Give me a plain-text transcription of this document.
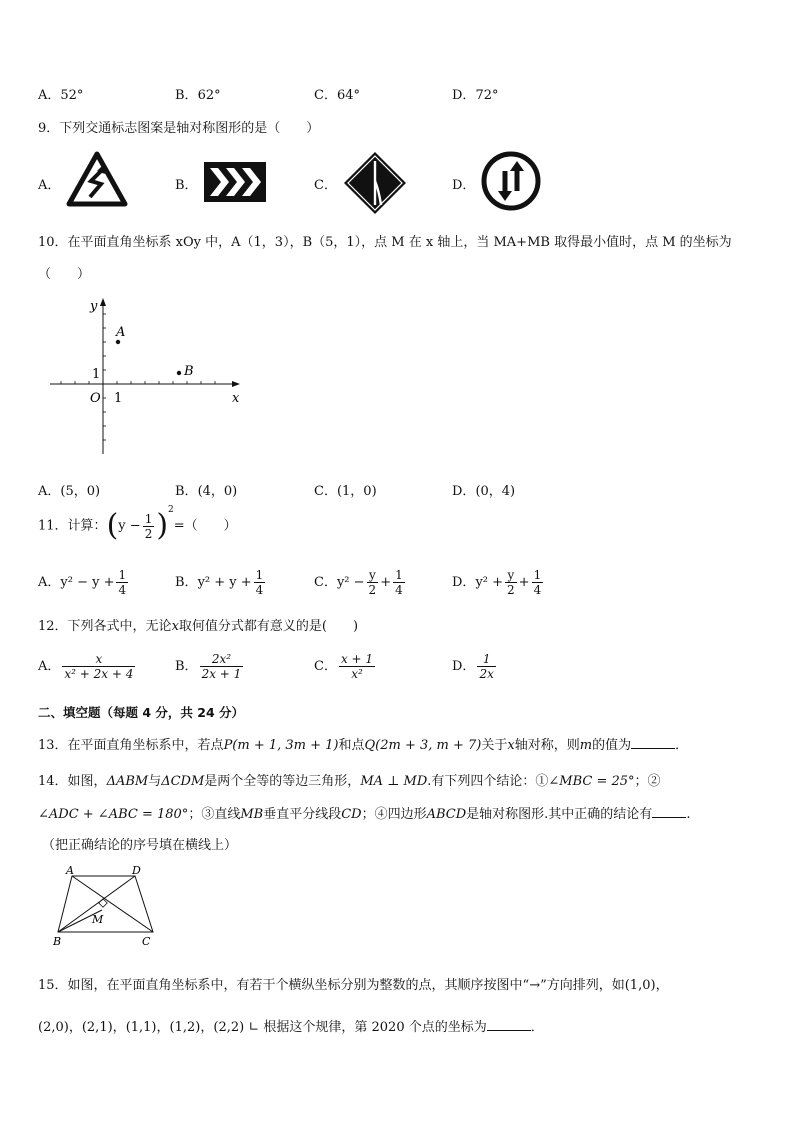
A．52°	B．62°	C．64°	D．72°
9．下列交通标志图案是轴对称图形的是（　　）
A．	B．	C．	D．
10．在平面直角坐标系 xOy 中，A（1，3），B（5，1），点 M 在 x 轴上，当 MA+MB 取得最小值时，点 M 的坐标为
（　　）
y
x
O 1
1
A
B
A．(5，0)	B．(4，0)	C．(1，0)	D．(0，4)
11．计算：$(y - \frac{1}{2} )^2=$（　　）
A．$y^2 - y + \frac{1}{4}$	B．$y^2 + y + \frac{1}{4}$	C．$y^2 - \frac{y}{2} + \frac{1}{4}$	D．$y^2 + \frac{y}{2} + \frac{1}{4}$
12．下列各式中，无论x取何值分式都有意义的是(　　)
A． $\frac{x}{\text{x² + 2x + 4}}$	B． $\frac{\text{2x²}}{2x + 1}$	C． $\frac{x + 1}{\text{x²}}$	D． $\frac{1}{2x}$
二、填空题（每题 4 分，共 24 分）
13．在平面直角坐标系中，若点P(m + 1, 3m + 1)和点Q(2m + 3, m + 7)关于x轴对称，则m的值为	．
14．如图，ΔABM与ΔCDM是两个全等的等边三角形，MA ⊥ MD.有下列四个结论：①∠MBC = 25°；②
∠ADC + ∠ABC = 180°；③直线MB垂直平分线段CD；④四边形ABCD是轴对称图形.其中正确的结论有	.
（把正确结论的序号填在横线上）
A	D
B	C
M
15．如图，在平面直角坐标系中，有若干个横纵坐标分别为整数的点，其顺序按图中“→”方向排列，如(1,0)，
(2,0)，(2,1)，(1,1)，(1,2)，(2,2) ∟ 根据这个规律，第 2020 个点的坐标为	．
